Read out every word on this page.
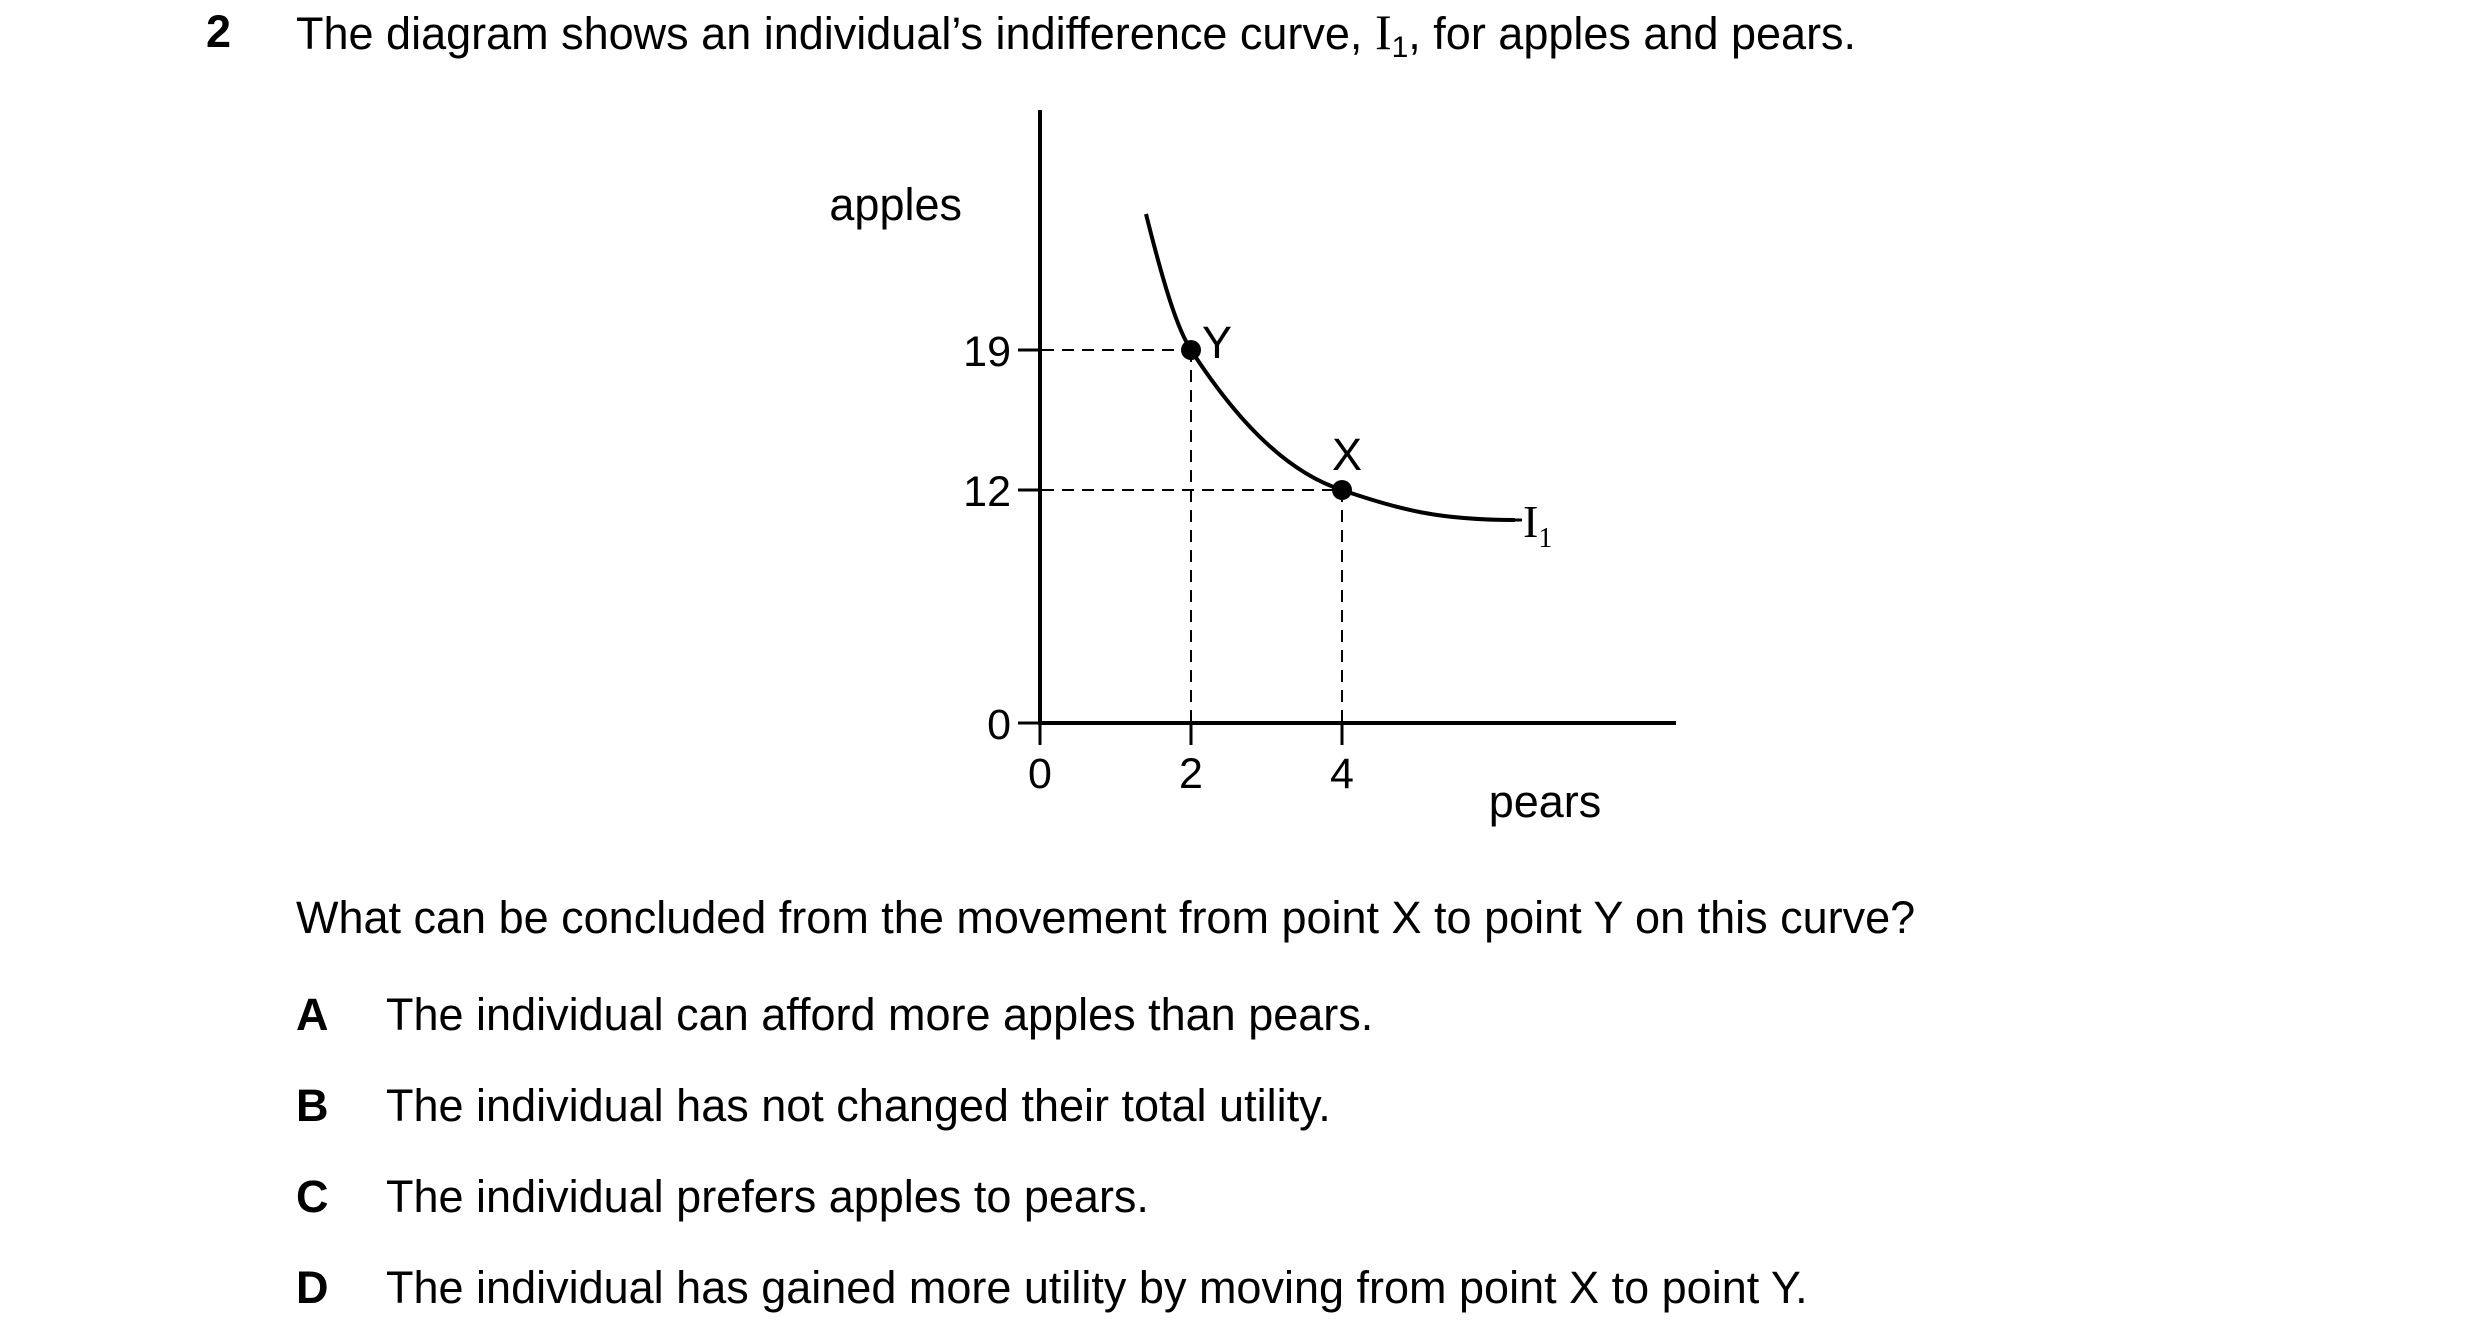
2 The diagram shows an individual’s indifference curve, $I_1$, for apples and pears.
apples
pears
19
12
0
0	2	4
Y
X
$I_1$
What can be concluded from the movement from point X to point Y on this curve?
A The individual can afford more apples than pears.
B The individual has not changed their total utility.
C The individual prefers apples to pears.
D The individual has gained more utility by moving from point X to point Y.
